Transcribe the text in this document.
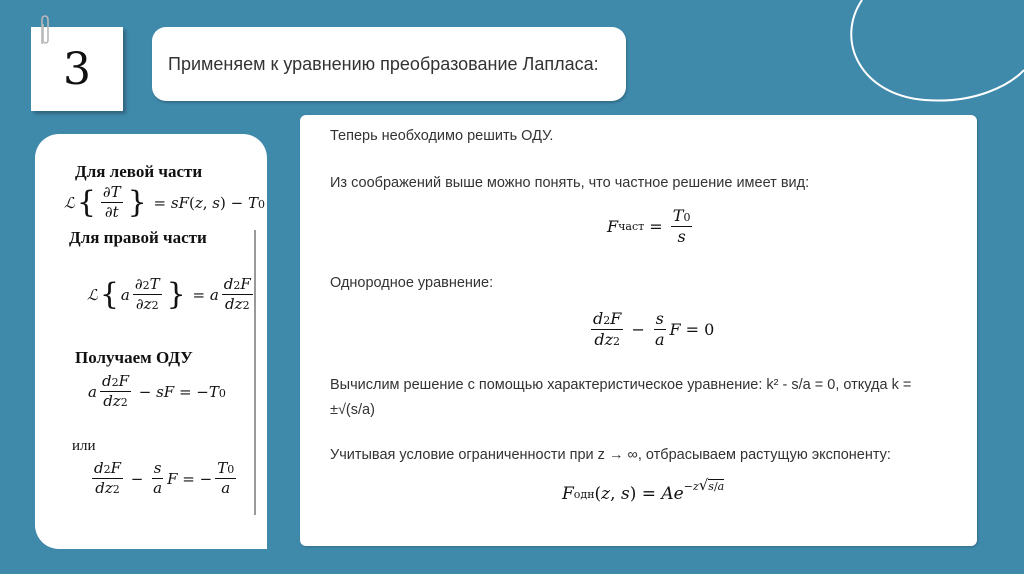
3	Применяем к уравнению преобразование Лапласа:
Для левой части
ℒ { $\frac{\partial T}{\partial t}$ } = sF(z, s) − T0
Для правой части
ℒ { a $\frac{\partial 2T}{\partial z2}$ } = a $\frac{d2F}{dz2}$
Получаем ОДУ
a $\frac{d2F}{dz2}$ − sF = −T0
или
$\frac{d2F}{dz2} - \frac{s}{a}$ F = − $\frac{T0}{a}$
Теперь необходимо решить ОДУ.
Из соображений выше можно понять, что частное решение имеет вид:
F част = $\frac{T0}{s}$
Однородное уравнение:
$\frac{d2F}{dz2} - \frac{s}{a}$ F = 0
Вычислим решение с помощью характеристическое уравнение: k² - s/a = 0, откуда k =
±√(s/a)
Учитывая условие ограниченности при z → ∞, отбрасываем растущую экспоненту:
F одн (z, s) = Ae −z√s/a
